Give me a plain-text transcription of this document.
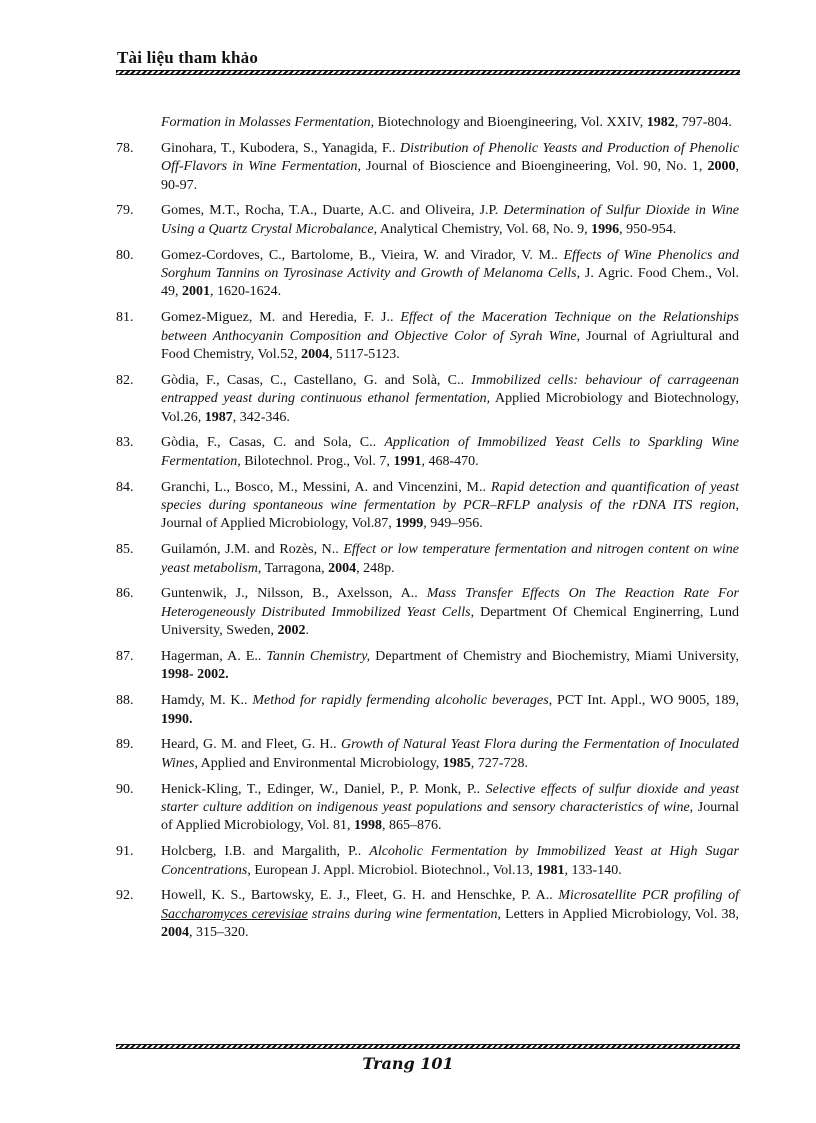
Tài liệu tham khảo
Formation in Molasses Fermentation, Biotechnology and Bioengineering, Vol. XXIV, 1982, 797-804.
78. Ginohara, T., Kubodera, S., Yanagida, F.. Distribution of Phenolic Yeasts and Production of Phenolic Off-Flavors in Wine Fermentation, Journal of Bioscience and Bioengineering, Vol. 90, No. 1, 2000, 90-97.
79. Gomes, M.T., Rocha, T.A., Duarte, A.C. and Oliveira, J.P. Determination of Sulfur Dioxide in Wine Using a Quartz Crystal Microbalance, Analytical Chemistry, Vol. 68, No. 9, 1996, 950-954.
80. Gomez-Cordoves, C., Bartolome, B., Vieira, W. and Virador, V. M.. Effects of Wine Phenolics and Sorghum Tannins on Tyrosinase Activity and Growth of Melanoma Cells, J. Agric. Food Chem., Vol. 49, 2001, 1620-1624.
81. Gomez-Miguez, M. and Heredia, F. J.. Effect of the Maceration Technique on the Relationships between Anthocyanin Composition and Objective Color of Syrah Wine, Journal of Agriultural and Food Chemistry, Vol.52, 2004, 5117-5123.
82. Gòdia, F., Casas, C., Castellano, G. and Solà, C.. Immobilized cells: behaviour of carrageenan entrapped yeast during continuous ethanol fermentation, Applied Microbiology and Biotechnology, Vol.26, 1987, 342-346.
83. Gòdia, F., Casas, C. and Sola, C.. Application of Immobilized Yeast Cells to Sparkling Wine Fermentation, Bilotechnol. Prog., Vol. 7, 1991, 468-470.
84. Granchi, L., Bosco, M., Messini, A. and Vincenzini, M.. Rapid detection and quantification of yeast species during spontaneous wine fermentation by PCR–RFLP analysis of the rDNA ITS region, Journal of Applied Microbiology, Vol.87, 1999, 949–956.
85. Guilamón, J.M. and Rozès, N.. Effect or low temperature fermentation and nitrogen content on wine yeast metabolism, Tarragona, 2004, 248p.
86. Guntenwik, J., Nilsson, B., Axelsson, A.. Mass Transfer Effects On The Reaction Rate For Heterogeneously Distributed Immobilized Yeast Cells, Department Of Chemical Enginerring, Lund University, Sweden, 2002.
87. Hagerman, A. E.. Tannin Chemistry, Department of Chemistry and Biochemistry, Miami University, 1998- 2002.
88. Hamdy, M. K.. Method for rapidly fermending alcoholic beverages, PCT Int. Appl., WO 9005, 189, 1990.
89. Heard, G. M. and Fleet, G. H.. Growth of Natural Yeast Flora during the Fermentation of Inoculated Wines, Applied and Environmental Microbiology, 1985, 727-728.
90. Henick-Kling, T., Edinger, W., Daniel, P., P. Monk, P.. Selective effects of sulfur dioxide and yeast starter culture addition on indigenous yeast populations and sensory characteristics of wine, Journal of Applied Microbiology, Vol. 81, 1998, 865–876.
91. Holcberg, I.B. and Margalith, P.. Alcoholic Fermentation by Immobilized Yeast at High Sugar Concentrations, European J. Appl. Microbiol. Biotechnol., Vol.13, 1981, 133-140.
92. Howell, K. S., Bartowsky, E. J., Fleet, G. H. and Henschke, P. A.. Microsatellite PCR profiling of Saccharomyces cerevisiae strains during wine fermentation, Letters in Applied Microbiology, Vol. 38, 2004, 315–320.
Trang 101
